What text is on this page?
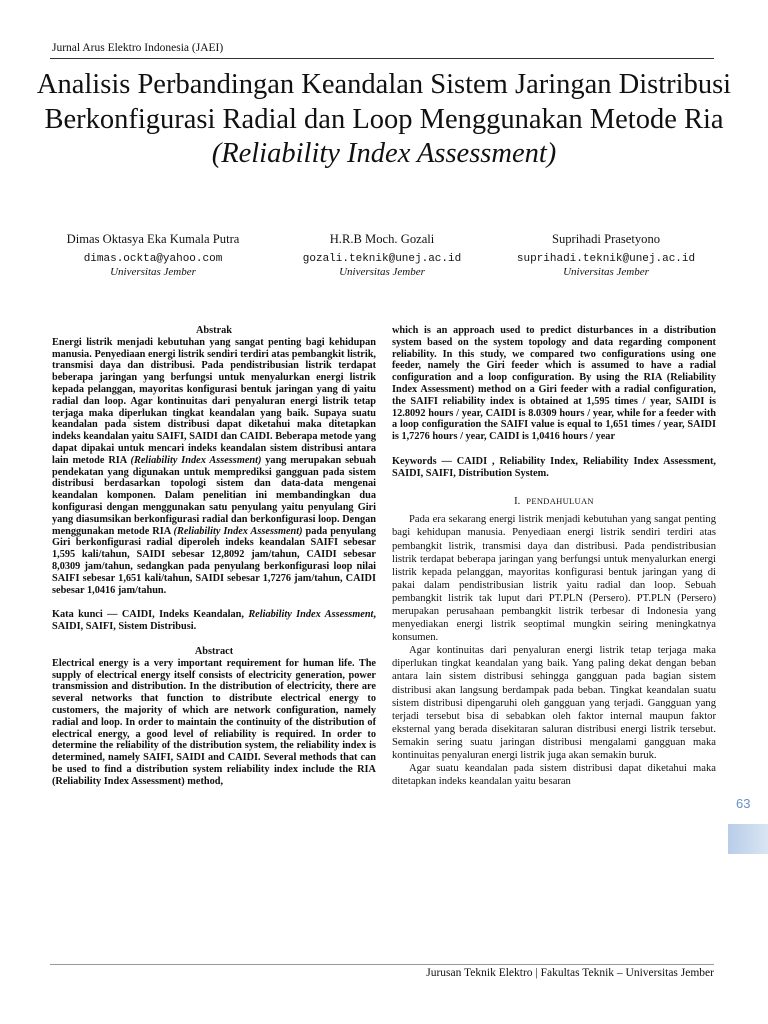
Jurnal Arus Elektro Indonesia (JAEI)
Analisis Perbandingan Keandalan Sistem Jaringan Distribusi Berkonfigurasi Radial dan Loop Menggunakan Metode Ria (Reliability Index Assessment)
Dimas Oktasya Eka Kumala Putra
dimas.ockta@yahoo.com
Universitas Jember
H.R.B Moch. Gozali
gozali.teknik@unej.ac.id
Universitas Jember
Suprihadi Prasetyono
suprihadi.teknik@unej.ac.id
Universitas Jember

Abstrak

Energi listrik menjadi kebutuhan yang sangat penting bagi kehidupan manusia. Penyediaan energi listrik sendiri terdiri atas pembangkit listrik, transmisi daya dan distribusi. Pada pendistribusian listrik terdapat beberapa jaringan yang berfungsi untuk menyalurkan energi listrik kepada pelanggan, mayoritas konfigurasi bentuk jaringan yang di yaitu radial dan loop. Agar kontinuitas dari penyaluran energi listrik tetap terjaga maka diperlukan tingkat keandalan yang baik. Supaya suatu keandalan pada sistem distribusi dapat diketahui maka ditetapkan indeks keandalan yaitu SAIFI, SAIDI dan CAIDI. Beberapa metode yang dapat dipakai untuk mencari indeks keandalan sistem distribusi antara lain metode RIA (Reliability Index Assessment) yang merupakan sebuah pendekatan yang digunakan untuk memprediksi gangguan pada sistem distribusi berdasarkan topologi sistem dan data-data mengenai keandalan komponen. Dalam penelitian ini membandingkan dua konfigurasi dengan menggunakan satu penyulang yaitu penyulang Giri yang diasumsikan berkonfigurasi radial dan berkonfigurasi loop. Dengan menggunakan metode RIA (Reliability Index Assessment) pada penyulang Giri berkonfigurasi radial diperoleh indeks keandalan SAIFI sebesar 1,595 kali/tahun, SAIDI sebesar 12,8092 jam/tahun, CAIDI sebesar 8,0309 jam/tahun, sedangkan pada penyulang berkonfigurasi loop nilai SAIFI sebesar 1,651 kali/tahun, SAIDI sebesar 1,7276 jam/tahun, CAIDI sebesar 1,0416 jam/tahun.

Kata kunci — CAIDI, Indeks Keandalan, Reliability Index Assessment, SAIDI, SAIFI, Sistem Distribusi.

Abstract

Electrical energy is a very important requirement for human life. The supply of electrical energy itself consists of electricity generation, power transmission and distribution. In the distribution of electricity, there are several networks that function to distribute electrical energy to customers, the majority of which are network configuration, namely radial and loop. In order to maintain the continuity of the distribution of electrical energy, a good level of reliability is required. In order to determine the reliability of the distribution system, the reliability index is determined, namely SAIFI, SAIDI and CAIDI. Several methods that can be used to find a distribution system reliability index include the RIA (Reliability Index Assessment) method,

which is an approach used to predict disturbances in a distribution system based on the system topology and data regarding component reliability. In this study, we compared two configurations using one feeder, namely the Giri feeder which is assumed to have a radial configuration and a loop configuration. By using the RIA (Reliability Index Assessment) method on a Giri feeder with a radial configuration, the SAIFI reliability index is obtained at 1,595 times / year, SAIDI is 12.8092 hours / year, CAIDI is 8.0309 hours / year, while for a feeder with a loop configuration the SAIFI value is equal to 1,651 times / year, SAIDI is 1,7276 hours / year, CAIDI is 1,0416 hours / year

Keywords — CAIDI , Reliability Index, Reliability Index Assessment, SAIDI, SAIFI, Distribution System.

I. PENDAHULUAN

Pada era sekarang energi listrik menjadi kebutuhan yang sangat penting bagi kehidupan manusia. Penyediaan energi listrik sendiri terdiri atas pembangkit listrik, transmisi daya dan distribusi. Pada pendistribusian listrik terdapat beberapa jaringan yang berfungsi untuk menyalurkan energi listrik kepada pelanggan, mayoritas konfigurasi bentuk jaringan yang di pakai dalam pendistribusian listrik yaitu radial dan loop. Sebuah pembangkit listrik tak luput dari PT.PLN (Persero). PT.PLN (Persero) merupakan perusahaan pembangkit listrik terbesar di Indonesia yang menyediakan energi listrik seoptimal mungkin seiring meningkatnya konsumen.

Agar kontinuitas dari penyaluran energi listrik tetap terjaga maka diperlukan tingkat keandalan yang baik. Yang paling dekat dengan beban antara lain sistem distribusi sehingga gangguan pada bagian sistem distribusi akan langsung berdampak pada beban. Tingkat keandalan suatu sistem distribusi dipengaruhi oleh gangguan yang terjadi. Gangguan yang terjadi tersebut bisa di sebabkan oleh faktor internal maupun faktor eksternal yang berada disekitaran saluran distribusi energi listrik tersebut. Semakin sering suatu jaringan distribusi mengalami gangguan maka kontinuitas penyaluran energi listrik juga akan semakin buruk.

Agar suatu keandalan pada sistem distribusi dapat diketahui maka ditetapkan indeks keandalan yaitu besaran

63
Jurusan Teknik Elektro | Fakultas Teknik – Universitas Jember
